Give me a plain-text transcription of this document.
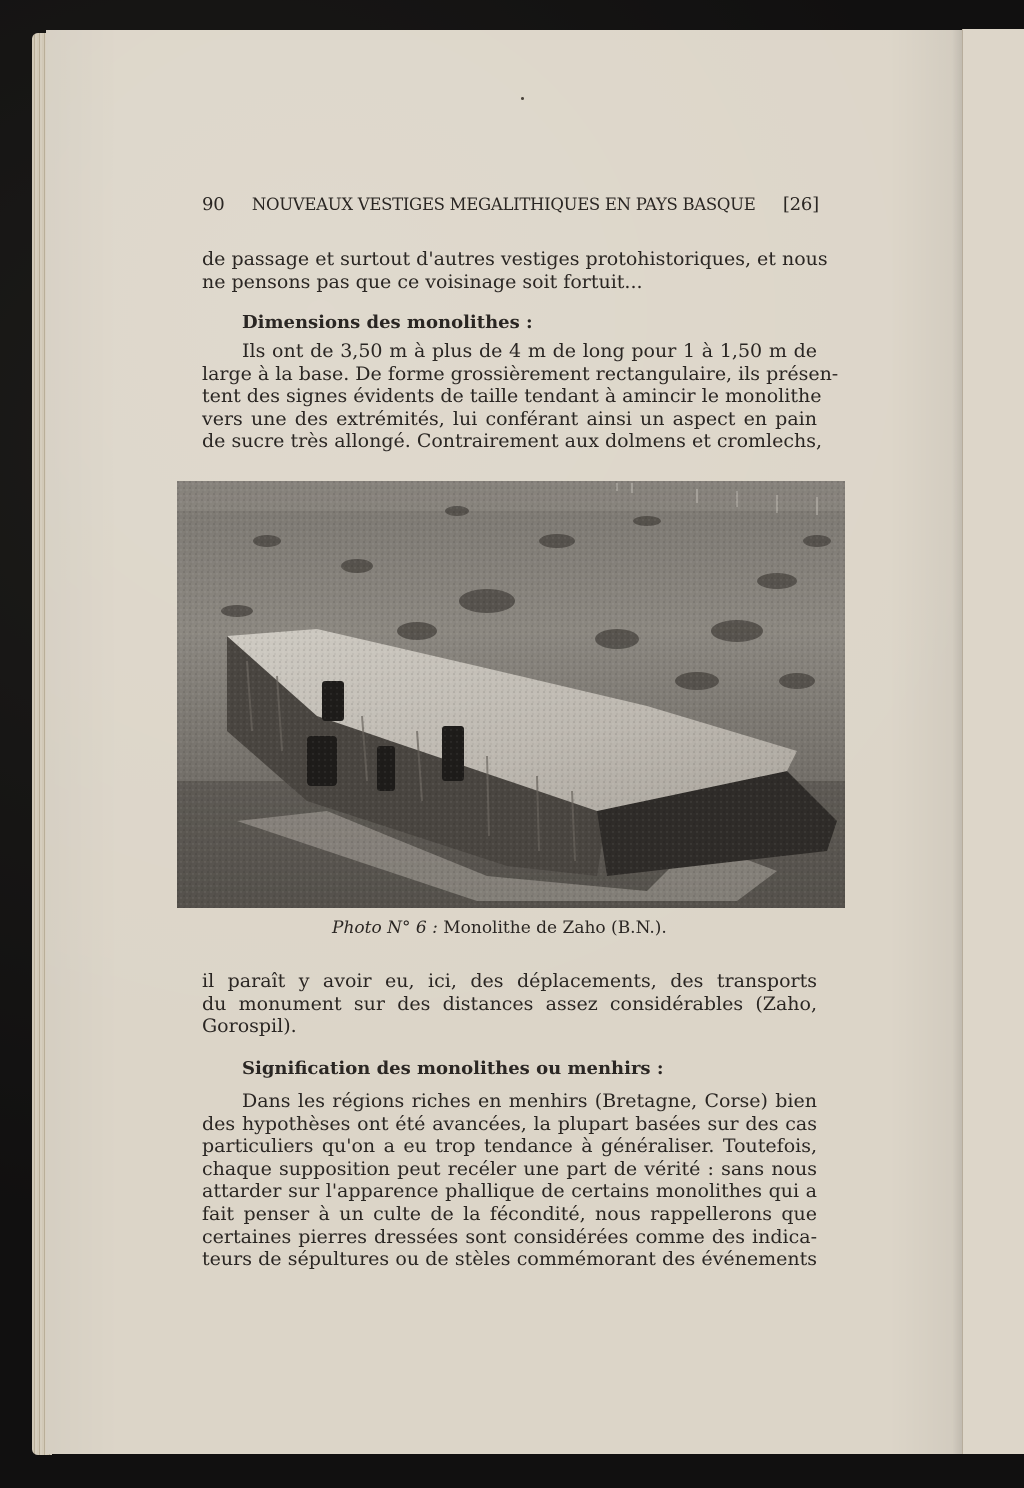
90 NOUVEAUX VESTIGES MEGALITHIQUES EN PAYS BASQUE [26]
de passage et surtout d'autres vestiges protohistoriques, et nous
ne pensons pas que ce voisinage soit fortuit...
Dimensions des monolithes :
Ils ont de 3,50 m à plus de 4 m de long pour 1 à 1,50 m de
large à la base. De forme grossièrement rectangulaire, ils présen-
tent des signes évidents de taille tendant à amincir le monolithe
vers une des extrémités, lui conférant ainsi un aspect en pain
de sucre très allongé. Contrairement aux dolmens et cromlechs,
Photo N° 6 : Monolithe de Zaho (B.N.).
il paraît y avoir eu, ici, des déplacements, des transports
du monument sur des distances assez considérables (Zaho,
Gorospil).
Signification des monolithes ou menhirs :
Dans les régions riches en menhirs (Bretagne, Corse) bien
des hypothèses ont été avancées, la plupart basées sur des cas
particuliers qu'on a eu trop tendance à généraliser. Toutefois,
chaque supposition peut recéler une part de vérité : sans nous
attarder sur l'apparence phallique de certains monolithes qui a
fait penser à un culte de la fécondité, nous rappellerons que
certaines pierres dressées sont considérées comme des indica-
teurs de sépultures ou de stèles commémorant des événements
